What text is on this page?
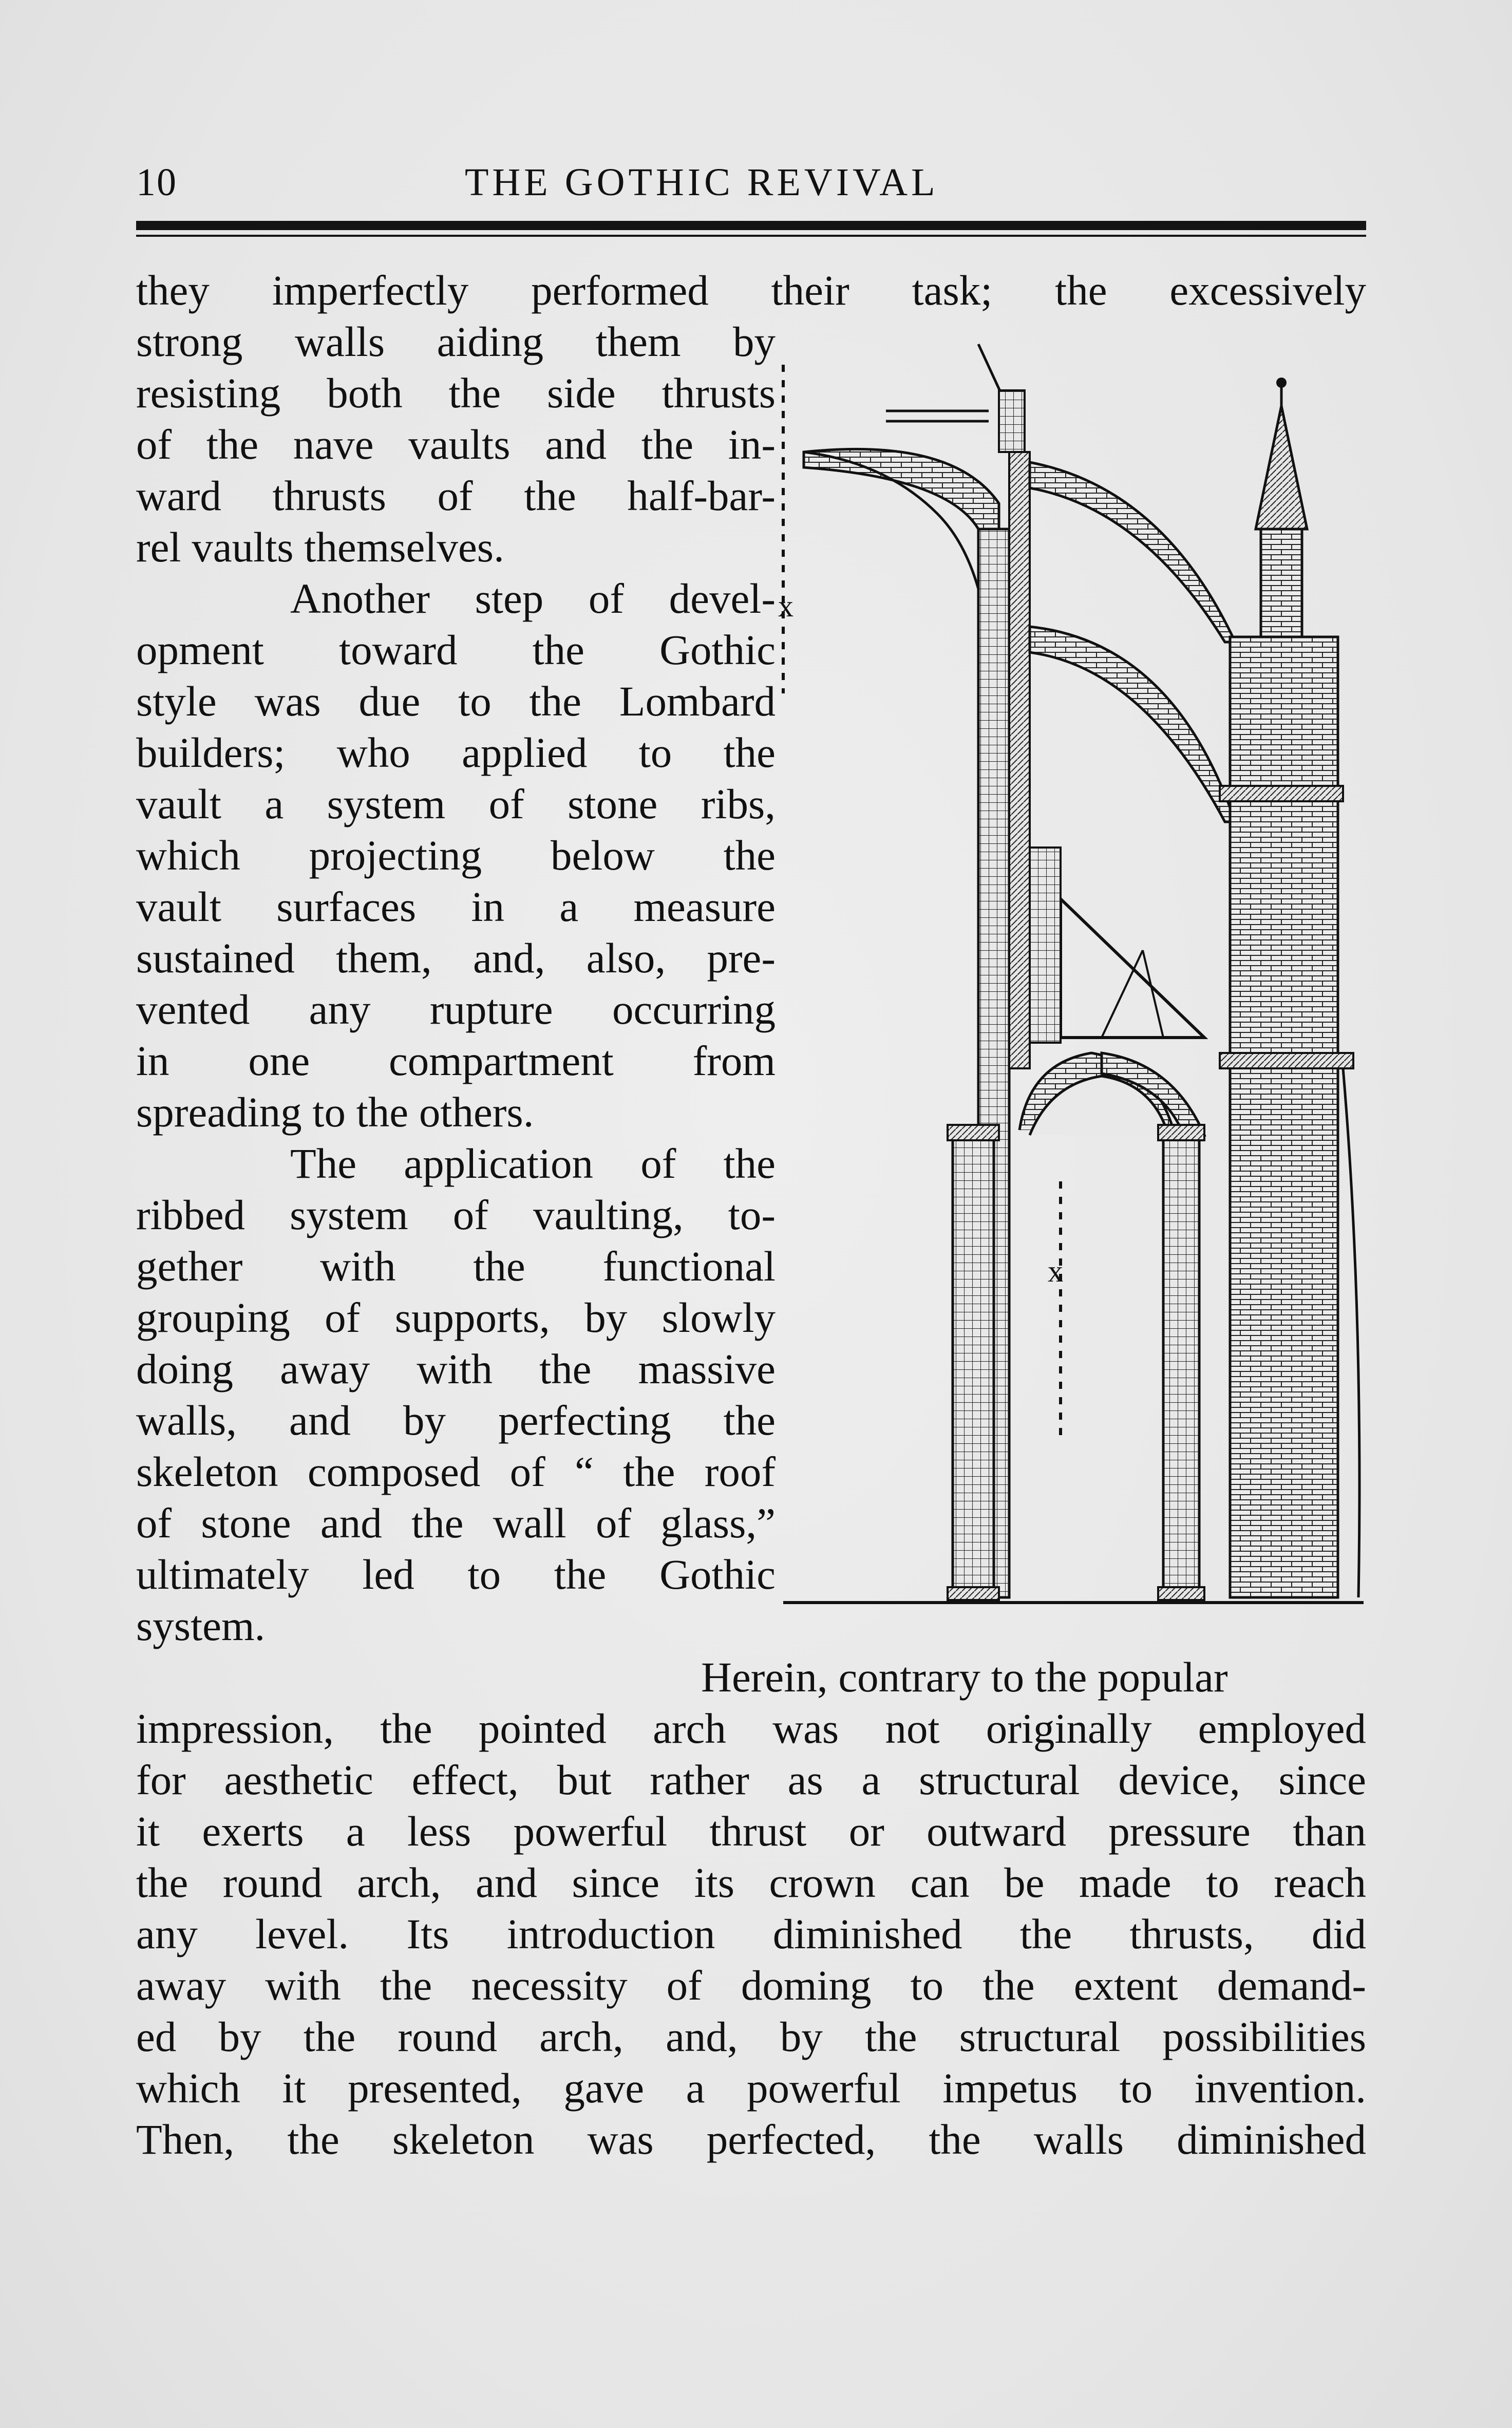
10	THE GOTHIC REVIVAL
they imperfectly performed their task; the excessively
strong walls aiding them by
resisting both the side thrusts
of the nave vaults and the in-
ward thrusts of the half-bar-
rel vaults themselves.
Another step of devel-
opment toward the Gothic
style was due to the Lombard
builders; who applied to the
vault a system of stone ribs,
which projecting below the
vault surfaces in a measure
sustained them, and, also, pre-
vented any rupture occurring
in one compartment from
spreading to the others.
The application of the
ribbed system of vaulting, to-
gether with the functional
grouping of supports, by slowly
doing away with the massive
walls, and by perfecting the
skeleton composed of “ the roof
of stone and the wall of glass,”
ultimately led to the Gothic
system.
Herein, contrary to the popular
impression, the pointed arch was not originally employed
for aesthetic effect, but rather as a structural device, since
it exerts a less powerful thrust or outward pressure than
the round arch, and since its crown can be made to reach
any level. Its introduction diminished the thrusts, did
away with the necessity of doming to the extent demand-
ed by the round arch, and, by the structural possibilities
which it presented, gave a powerful impetus to invention.
Then, the skeleton was perfected, the walls diminished
x
x
